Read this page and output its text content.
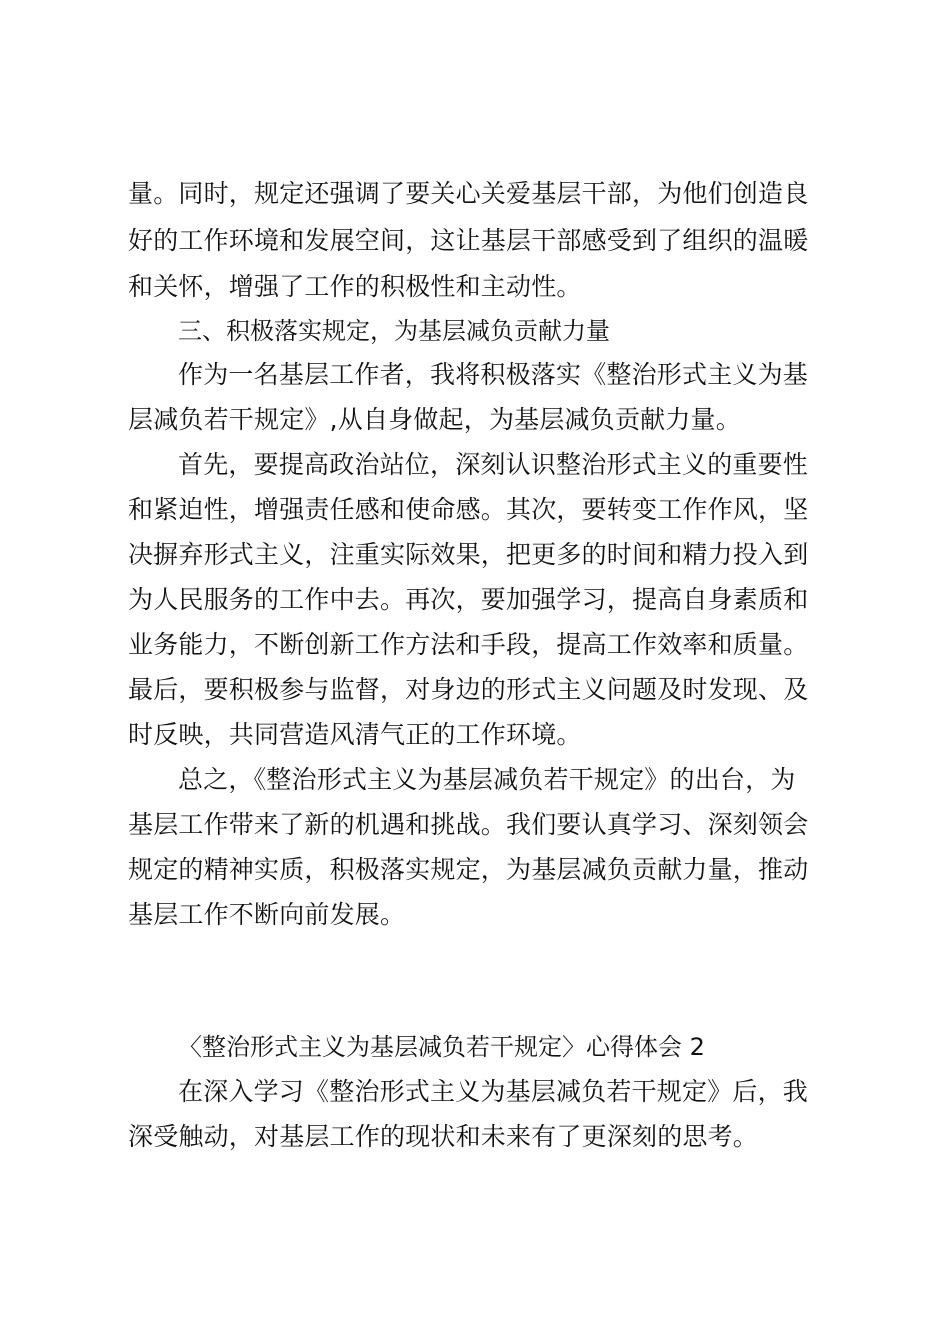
量。同时，规定还强调了要关心关爱基层干部，为他们创造良
好的工作环境和发展空间，这让基层干部感受到了组织的温暖
和关怀，增强了工作的积极性和主动性。
三、积极落实规定，为基层减负贡献力量
作为一名基层工作者，我将积极落实《整治形式主义为基
层减负若干规定》,从自身做起，为基层减负贡献力量。
首先，要提高政治站位，深刻认识整治形式主义的重要性
和紧迫性，增强责任感和使命感。其次，要转变工作作风，坚
决摒弃形式主义，注重实际效果，把更多的时间和精力投入到
为人民服务的工作中去。再次，要加强学习，提高自身素质和
业务能力，不断创新工作方法和手段，提高工作效率和质量。
最后，要积极参与监督，对身边的形式主义问题及时发现、及
时反映，共同营造风清气正的工作环境。
总之，《整治形式主义为基层减负若干规定》的出台，为
基层工作带来了新的机遇和挑战。我们要认真学习、深刻领会
规定的精神实质，积极落实规定，为基层减负贡献力量，推动
基层工作不断向前发展。
〈整治形式主义为基层减负若干规定〉心得体会 2
在深入学习《整治形式主义为基层减负若干规定》后，我
深受触动，对基层工作的现状和未来有了更深刻的思考。
